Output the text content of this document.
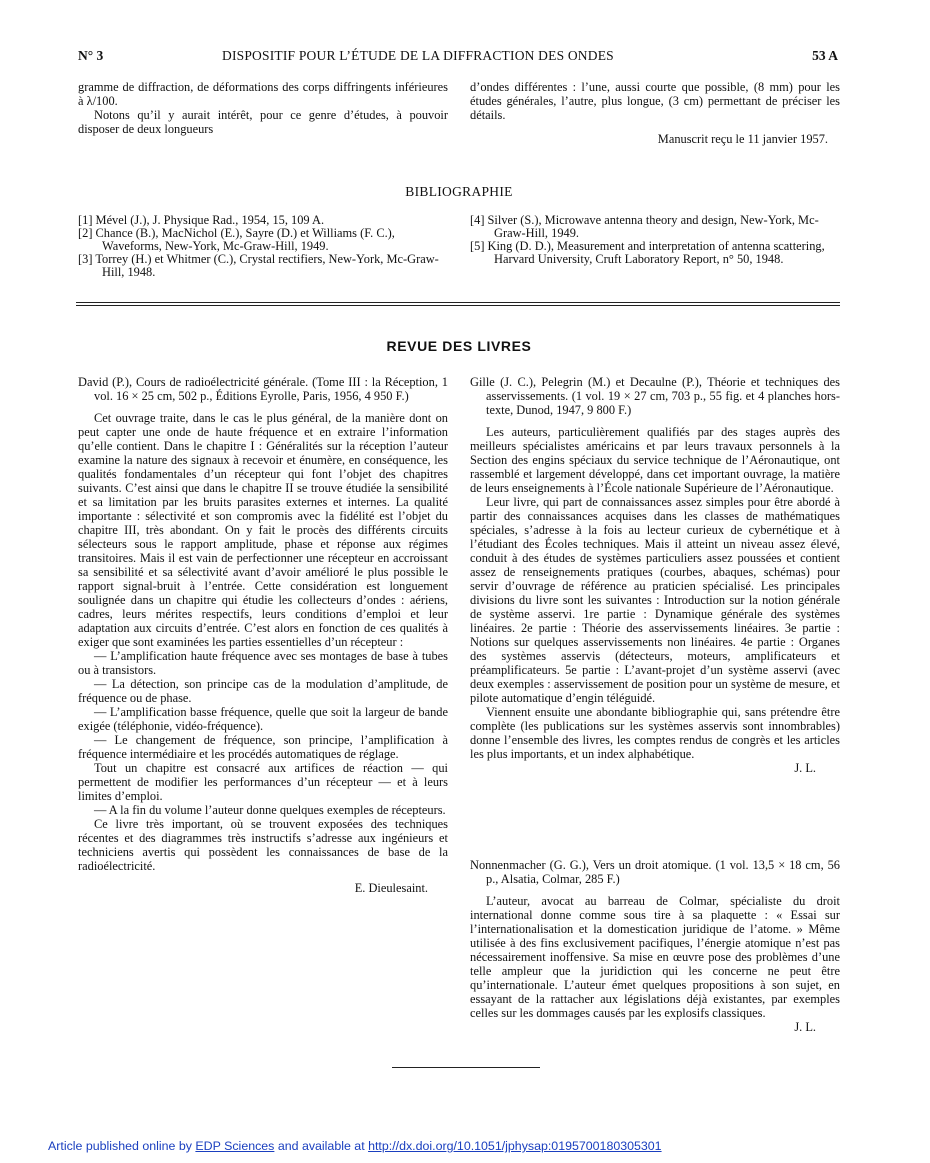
N° 3	DISPOSITIF POUR L’ÉTUDE DE LA DIFFRACTION DES ONDES	53 A

gramme de diffraction, de déformations des corps diffringents inférieures à λ/100.

Notons qu’il y aurait intérêt, pour ce genre d’études, à pouvoir disposer de deux longueurs

d’ondes différentes : l’une, aussi courte que possible, (8 mm) pour les études générales, l’autre, plus longue, (3 cm) permettant de préciser les détails.

Manuscrit reçu le 11 janvier 1957.

BIBLIOGRAPHIE
[1] Mével (J.), J. Physique Rad., 1954, 15, 109 A.
[2] Chance (B.), MacNichol (E.), Sayre (D.) et Williams (F. C.), Waveforms, New-York, Mc-Graw-Hill, 1949.
[3] Torrey (H.) et Whitmer (C.), Crystal rectifiers, New-York, Mc-Graw-Hill, 1948.
[4] Silver (S.), Microwave antenna theory and design, New-York, Mc-Graw-Hill, 1949.
[5] King (D. D.), Measurement and interpretation of antenna scattering, Harvard University, Cruft Laboratory Report, n° 50, 1948.
REVUE DES LIVRES

David (P.), Cours de radioélectricité générale. (Tome III : la Réception, 1 vol. 16 × 25 cm, 502 p., Éditions Eyrolle, Paris, 1956, 4 950 F.)

Cet ouvrage traite, dans le cas le plus général, de la manière dont on peut capter une onde de haute fréquence et en extraire l’information qu’elle contient. Dans le chapitre I : Généralités sur la réception l’auteur examine la nature des signaux à recevoir et énumère, en conséquence, les qualités fondamentales d’un récepteur qui font l’objet des chapitres suivants. C’est ainsi que dans le chapitre II se trouve étudiée la sensibilité et sa limitation par les bruits parasites externes et internes. La qualité importante : sélectivité et son compromis avec la fidélité est l’objet du chapitre III, très abondant. On y fait le procès des différents circuits sélecteurs sous le rapport amplitude, phase et réponse aux régimes transitoires. Mais il est vain de perfectionner une récepteur en accroissant sa sensibilité et sa sélectivité avant d’avoir amélioré le plus possible le rapport signal-bruit à l’entrée. Cette considération est longuement soulignée dans un chapitre qui étudie les collecteurs d’ondes : aériens, cadres, leurs mérites respectifs, leurs conditions d’emploi et leur adaptation aux circuits d’entrée. C’est alors en fonction de ces qualités à exiger que sont examinées les parties essentielles d’un récepteur :

— L’amplification haute fréquence avec ses montages de base à tubes ou à transistors.

— La détection, son principe cas de la modulation d’amplitude, de fréquence ou de phase.

— L’amplification basse fréquence, quelle que soit la largeur de bande exigée (téléphonie, vidéo-fréquence).

— Le changement de fréquence, son principe, l’amplification à fréquence intermédiaire et les procédés automatiques de réglage.

Tout un chapitre est consacré aux artifices de réaction — qui permettent de modifier les performances d’un récepteur — et à leurs limites d’emploi.

— A la fin du volume l’auteur donne quelques exemples de récepteurs.

Ce livre très important, où se trouvent exposées des techniques récentes et des diagrammes très instructifs s’adresse aux ingénieurs et techniciens avertis qui possèdent les connaissances de base de la radioélectricité.

E. Dieulesaint.

Gille (J. C.), Pelegrin (M.) et Decaulne (P.), Théorie et techniques des asservissements. (1 vol. 19 × 27 cm, 703 p., 55 fig. et 4 planches hors-texte, Dunod, 1947, 9 800 F.)

Les auteurs, particulièrement qualifiés par des stages auprès des meilleurs spécialistes américains et par leurs travaux personnels à la Section des engins spéciaux du service technique de l’Aéronautique, ont rassemblé et largement développé, dans cet important ouvrage, la matière de leurs enseignements à l’École nationale Supérieure de l’Aéronautique.

Leur livre, qui part de connaissances assez simples pour être abordé à partir des connaissances acquises dans les classes de mathématiques spéciales, s’adresse à la fois au lecteur curieux de cybernétique et à l’étudiant des Écoles techniques. Mais il atteint un niveau assez élevé, conduit à des études de systèmes particuliers assez poussées et contient assez de renseignements pratiques (courbes, abaques, schémas) pour servir d’ouvrage de référence au praticien spécialisé. Les principales divisions du livre sont les suivantes : Introduction sur la notion générale de système asservi. 1re partie : Dynamique générale des systèmes linéaires. 2e partie : Théorie des asservissements linéaires. 3e partie : Notions sur quelques asservissements non linéaires. 4e partie : Organes des systèmes asservis (détecteurs, moteurs, amplificateurs et préamplificateurs. 5e partie : L’avant-projet d’un système asservi (avec deux exemples : asservissement de position pour un système de mesure, et pilote automatique d’engin téléguidé.

Viennent ensuite une abondante bibliographie qui, sans prétendre être complète (les publications sur les systèmes asservis sont innombrables) donne l’ensemble des livres, les comptes rendus de congrès et les articles les plus importants, et un index alphabétique.

J. L.

Nonnenmacher (G. G.), Vers un droit atomique. (1 vol. 13,5 × 18 cm, 56 p., Alsatia, Colmar, 285 F.)

L’auteur, avocat au barreau de Colmar, spécialiste du droit international donne comme sous tire à sa plaquette : « Essai sur l’internationalisation et la domestication juridique de l’atome. » Même utilisée à des fins exclusivement pacifiques, l’énergie atomique n’est pas nécessairement inoffensive. Sa mise en œuvre pose des problèmes d’une telle ampleur que la juridiction qui les concerne ne peut être qu’internationale. L’auteur émet quelques propositions à son sujet, en essayant de la rattacher aux législations déjà existantes, par exemples celles sur les dommages causés par les explosifs classiques.

J. L.

Article published online by EDP Sciences and available at http://dx.doi.org/10.1051/jphysap:0195700180305301
